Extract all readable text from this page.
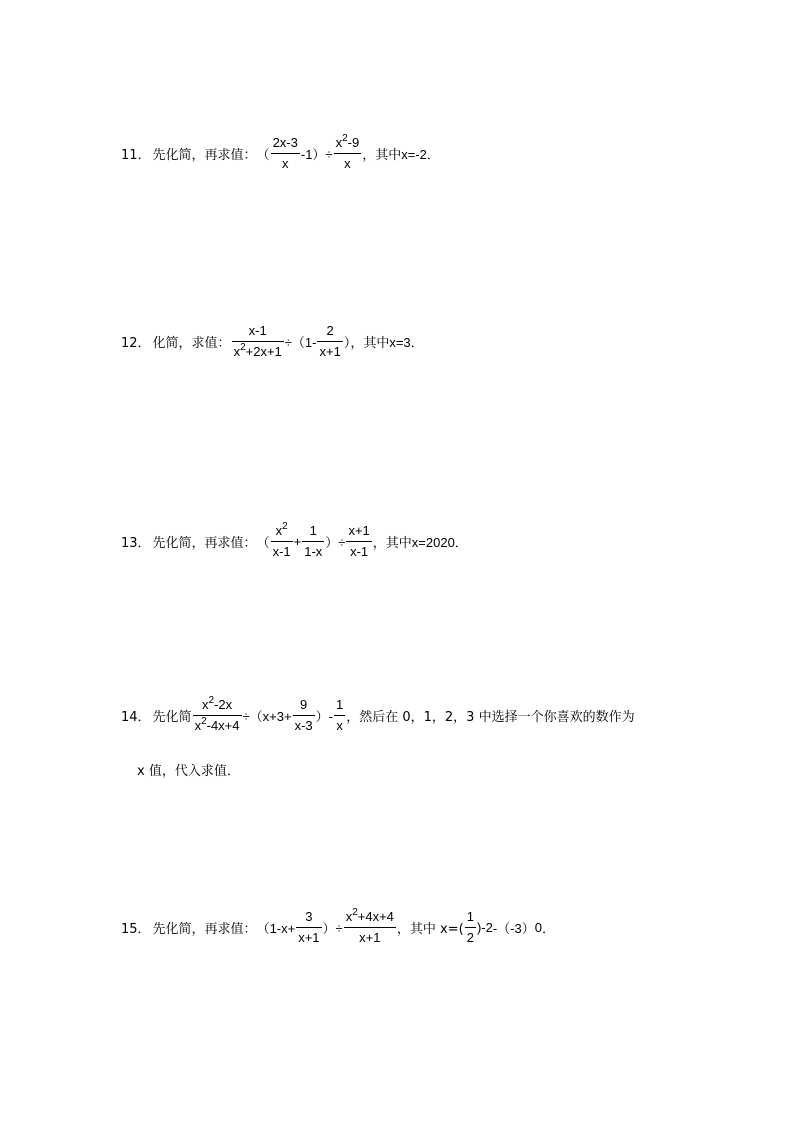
11． 先化简，再求值： （ $\frac{2x-3}{x} -1)\div \frac{x^2-9}{x}$ ，其中 x=-2．
12． 化简，求值： $\frac{x-1}{x^2+2x+1} \div(1- \frac{2}{x+1}$ ），其中 x=3．
13． 先化简，再求值： （ $\frac{x^2}{x-1} + \frac{1}{1-x}$ ）÷ $\frac{x+1}{x-1}$ ，其中 x=2020．
14． 先化简 $\frac{x^2-2x}{x^2-4x+4} \div(x+3+ \frac{9}{x-3}$ ）- $\frac{1}{x}$ ，然后在 0，1，2，3 中选择一个你喜欢的数作为
x 值，代入求值．
15． 先化简，再求值： （$1-x+ \frac{3}{x+1}$ ）÷ $\frac{x^2+4x+4}{x+1}$ ，其中 $x=( \frac{1}{2}$ ) -2 -（-3） 0 ．
